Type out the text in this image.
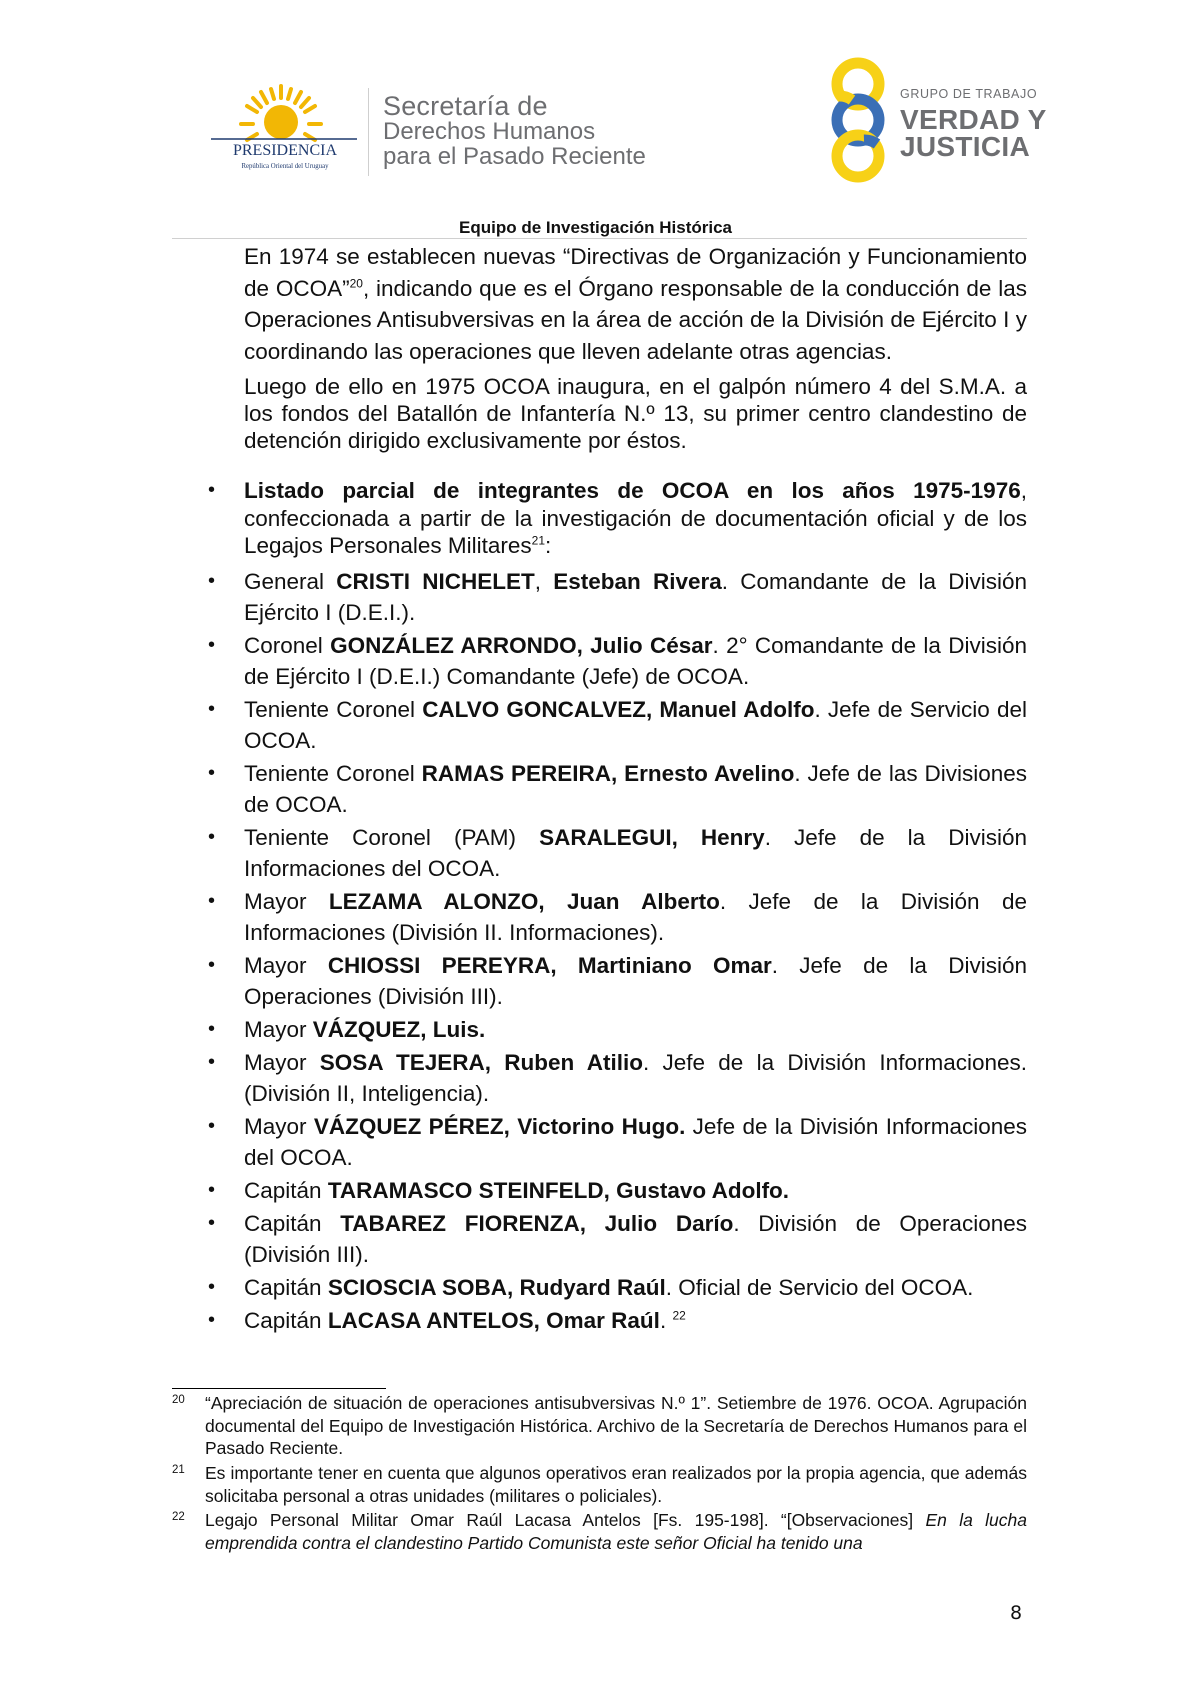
PRESIDENCIA
República Oriental del Uruguay
Secretaría de
Derechos Humanos
para el Pasado Reciente
GRUPO DE TRABAJO
VERDAD Y
JUSTICIA
Equipo de Investigación Histórica

En 1974 se establecen nuevas “Directivas de Organización y Funcionamiento de OCOA”$^{20}$, indicando que es el Órgano responsable de la conducción de las Operaciones Antisubversivas en la área de acción de la División de Ejército I y coordinando las operaciones que lleven adelante otras agencias.

Luego de ello en 1975 OCOA inaugura, en el galpón número 4 del S.M.A. a los fondos del Batallón de Infantería N.º 13, su primer centro clandestino de detención dirigido exclusivamente por éstos.

• Listado parcial de integrantes de OCOA en los años 1975-1976, confeccionada a partir de la investigación de documentación oficial y de los Legajos Personales Militares$^{21}$:
• General CRISTI NICHELET, Esteban Rivera. Comandante de la División Ejército I (D.E.I.).
• Coronel GONZÁLEZ ARRONDO, Julio César. 2° Comandante de la División de Ejército I (D.E.I.) Comandante (Jefe) de OCOA.
• Teniente Coronel CALVO GONCALVEZ, Manuel Adolfo. Jefe de Servicio del OCOA.
• Teniente Coronel RAMAS PEREIRA, Ernesto Avelino. Jefe de las Divisiones de OCOA.
• Teniente Coronel (PAM) SARALEGUI, Henry. Jefe de la División Informaciones del OCOA.
• Mayor LEZAMA ALONZO, Juan Alberto. Jefe de la División de Informaciones (División II. Informaciones).
• Mayor CHIOSSI PEREYRA, Martiniano Omar. Jefe de la División Operaciones (División III).
• Mayor VÁZQUEZ, Luis.
• Mayor SOSA TEJERA, Ruben Atilio. Jefe de la División Informaciones. (División II, Inteligencia).
• Mayor VÁZQUEZ PÉREZ, Victorino Hugo. Jefe de la División Informaciones del OCOA.
• Capitán TARAMASCO STEINFELD, Gustavo Adolfo.
• Capitán TABAREZ FIORENZA, Julio Darío. División de Operaciones (División III).
• Capitán SCIOSCIA SOBA, Rudyard Raúl. Oficial de Servicio del OCOA.
• Capitán LACASA ANTELOS, Omar Raúl. $^{22}$
20 “Apreciación de situación de operaciones antisubversivas N.º 1”. Setiembre de 1976. OCOA. Agrupación documental del Equipo de Investigación Histórica. Archivo de la Secretaría de Derechos Humanos para el Pasado Reciente.
21 Es importante tener en cuenta que algunos operativos eran realizados por la propia agencia, que además solicitaba personal a otras unidades (militares o policiales).
22 Legajo Personal Militar Omar Raúl Lacasa Antelos [Fs. 195-198]. “[Observaciones] En la lucha emprendida contra el clandestino Partido Comunista este señor Oficial ha tenido una
8
